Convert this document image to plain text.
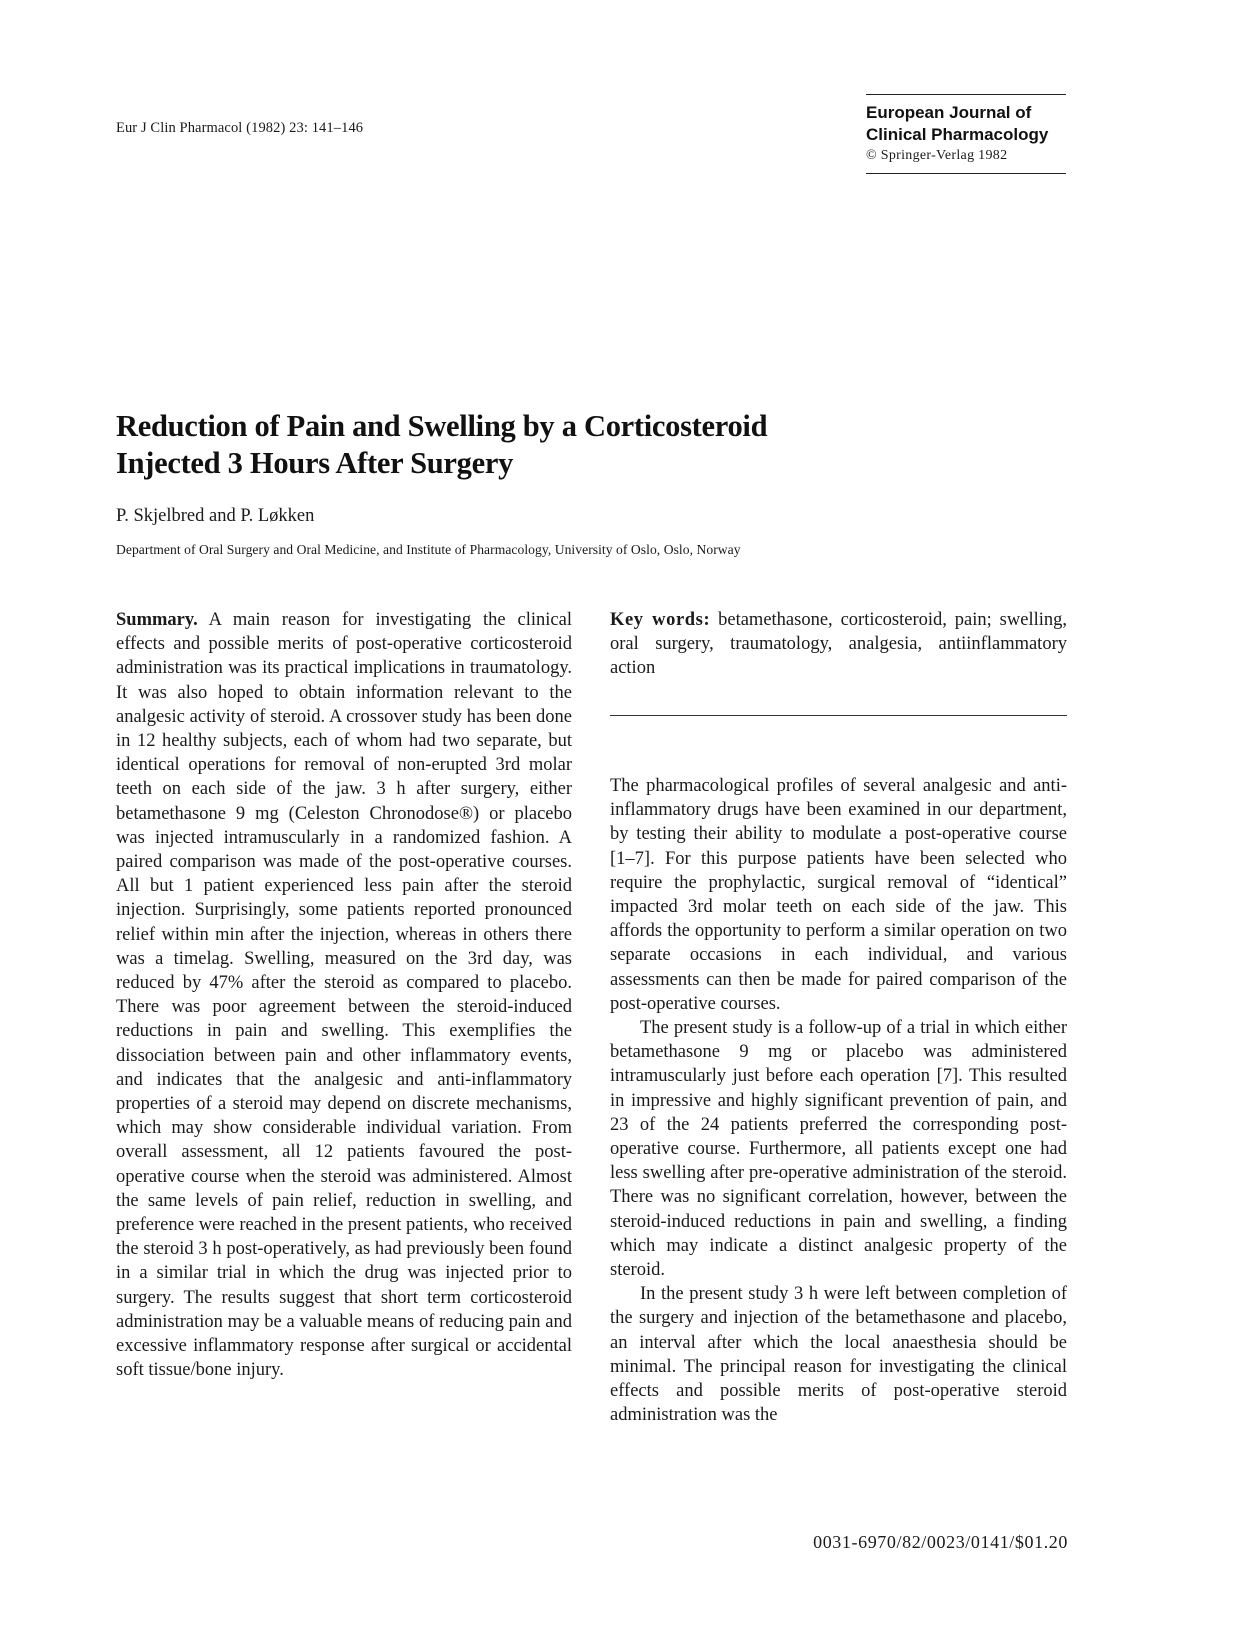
Eur J Clin Pharmacol (1982) 23: 141–146
European Journal of
Clinical Pharmacology
© Springer-Verlag 1982
Reduction of Pain and Swelling by a Corticosteroid
Injected 3 Hours After Surgery
P. Skjelbred and P. Løkken
Department of Oral Surgery and Oral Medicine, and Institute of Pharmacology, University of Oslo, Oslo, Norway

Summary. A main reason for investigating the clinical effects and possible merits of post-operative corticosteroid administration was its practical implications in traumatology. It was also hoped to obtain information relevant to the analgesic activity of steroid. A crossover study has been done in 12 healthy subjects, each of whom had two separate, but identical operations for removal of non-erupted 3rd molar teeth on each side of the jaw. 3 h after surgery, either betamethasone 9 mg (Celeston Chronodose®) or placebo was injected intramuscularly in a randomized fashion. A paired comparison was made of the post-operative courses. All but 1 patient experienced less pain after the steroid injection. Surprisingly, some patients reported pronounced relief within min after the injection, whereas in others there was a timelag. Swelling, measured on the 3rd day, was reduced by 47% after the steroid as compared to placebo. There was poor agreement between the steroid-induced reductions in pain and swelling. This exemplifies the dissociation between pain and other inflammatory events, and indicates that the analgesic and anti-inflammatory properties of a steroid may depend on discrete mechanisms, which may show considerable individual variation. From overall assessment, all 12 patients favoured the post-operative course when the steroid was administered. Almost the same levels of pain relief, reduction in swelling, and preference were reached in the present patients, who received the steroid 3 h post-operatively, as had previously been found in a similar trial in which the drug was injected prior to surgery. The results suggest that short term corticosteroid administration may be a valuable means of reducing pain and excessive inflammatory response after surgical or accidental soft tissue/bone injury.

Key words: betamethasone, corticosteroid, pain; swelling, oral surgery, traumatology, analgesia, antiinflammatory action

The pharmacological profiles of several analgesic and anti-inflammatory drugs have been examined in our department, by testing their ability to modulate a post-operative course [1–7]. For this purpose patients have been selected who require the prophylactic, surgical removal of “identical” impacted 3rd molar teeth on each side of the jaw. This affords the opportunity to perform a similar operation on two separate occasions in each individual, and various assessments can then be made for paired comparison of the post-operative courses.

The present study is a follow-up of a trial in which either betamethasone 9 mg or placebo was administered intramuscularly just before each operation [7]. This resulted in impressive and highly significant prevention of pain, and 23 of the 24 patients preferred the corresponding post-operative course. Furthermore, all patients except one had less swelling after pre-operative administration of the steroid. There was no significant correlation, however, between the steroid-induced reductions in pain and swelling, a finding which may indicate a distinct analgesic property of the steroid.

In the present study 3 h were left between completion of the surgery and injection of the betamethasone and placebo, an interval after which the local anaesthesia should be minimal. The principal reason for investigating the clinical effects and possible merits of post-operative steroid administration was the

0031-6970/82/0023/0141/$01.20
